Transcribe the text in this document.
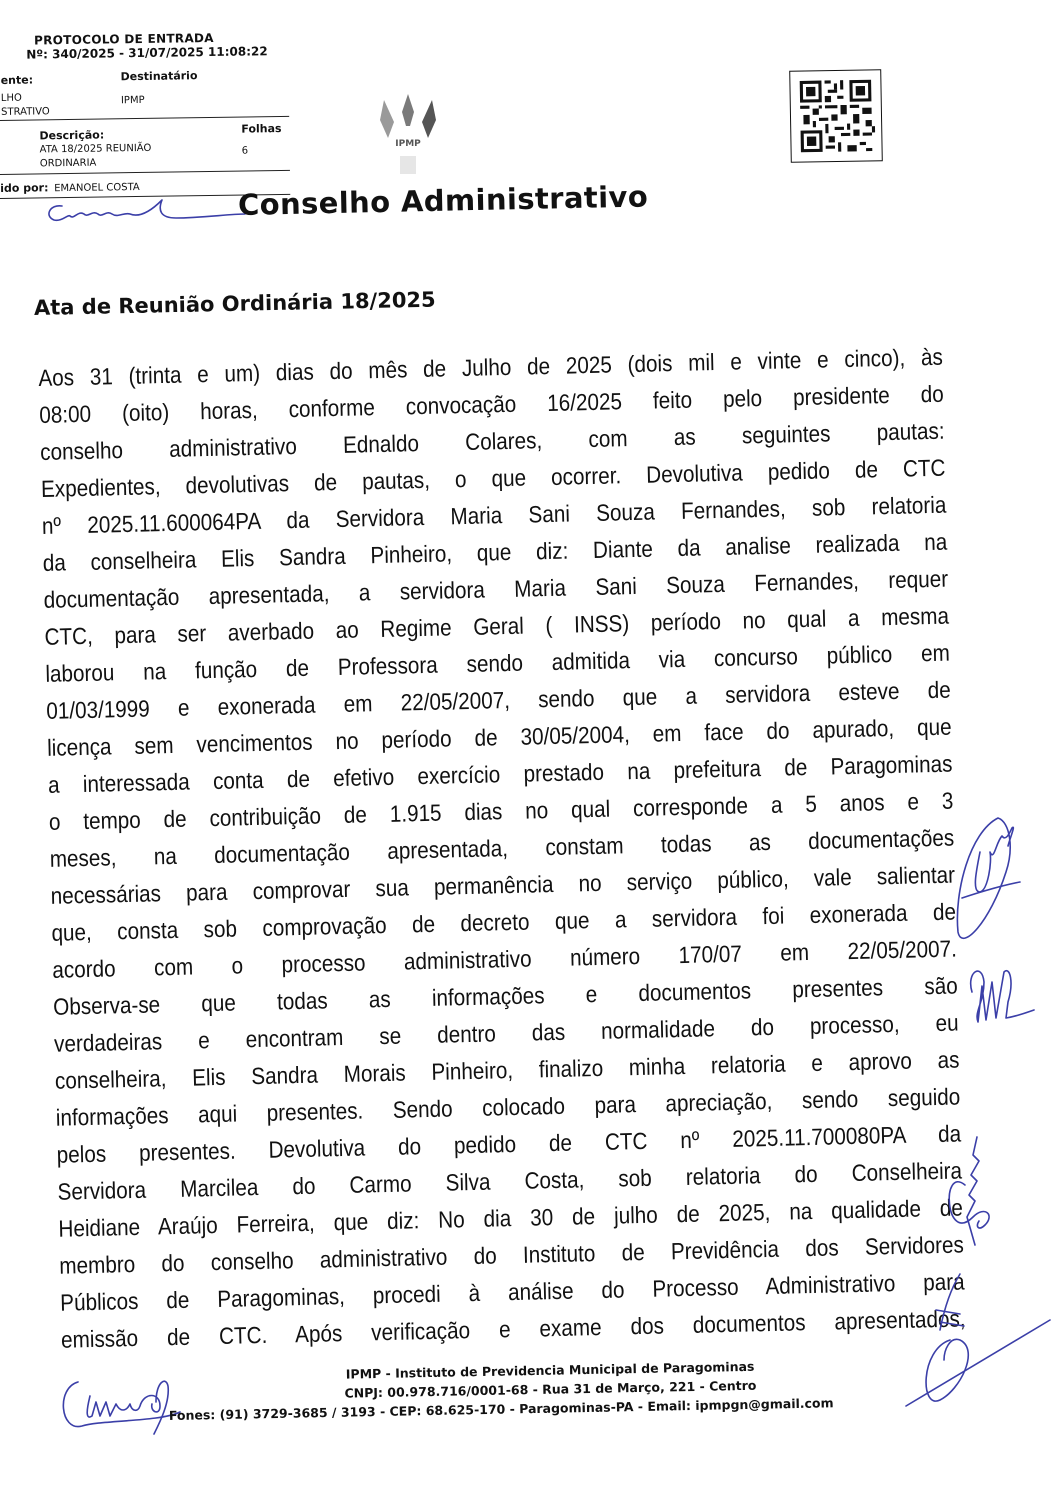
PROTOCOLO DE ENTRADA
Nº: 340/2025 - 31/07/2025 11:08:22
ente:
LHO
STRATIVO
Destinatário
IPMP
Descrição:
ATA 18/2025 REUNIÃO
ORDINARIA
Folhas
6
ido por: EMANOEL COSTA
IPMP
Conselho Administrativo
Ata de Reunião Ordinária 18/2025
Aos 31 (trinta e um) dias do mês de Julho de 2025 (dois mil e vinte e cinco), às
08:00 (oito) horas, conforme convocação 16/2025 feito pelo presidente do
conselho administrativo Ednaldo Colares, com as seguintes pautas:
Expedientes, devolutivas de pautas, o que ocorrer. Devolutiva pedido de CTC
nº 2025.11.600064PA da Servidora Maria Sani Souza Fernandes, sob relatoria
da conselheira Elis Sandra Pinheiro, que diz: Diante da analise realizada na
documentação apresentada, a servidora Maria Sani Souza Fernandes, requer
CTC, para ser averbado ao Regime Geral ( INSS) período no qual a mesma
laborou na função de Professora sendo admitida via concurso público em
01/03/1999 e exonerada em 22/05/2007, sendo que a servidora esteve de
licença sem vencimentos no período de 30/05/2004, em face do apurado, que
a interessada conta de efetivo exercício prestado na prefeitura de Paragominas
o tempo de contribuição de 1.915 dias no qual corresponde a 5 anos e 3
meses, na documentação apresentada, constam todas as documentações
necessárias para comprovar sua permanência no serviço público, vale salientar
que, consta sob comprovação de decreto que a servidora foi exonerada de
acordo com o processo administrativo número 170/07 em 22/05/2007.
Observa-se que todas as informações e documentos presentes são
verdadeiras e encontram se dentro das normalidade do processo, eu
conselheira, Elis Sandra Morais Pinheiro, finalizo minha relatoria e aprovo as
informações aqui presentes. Sendo colocado para apreciação, sendo seguido
pelos presentes. Devolutiva do pedido de CTC nº 2025.11.700080PA da
Servidora Marcilea do Carmo Silva Costa, sob relatoria do Conselheira
Heidiane Araújo Ferreira, que diz: No dia 30 de julho de 2025, na qualidade de
membro do conselho administrativo do Instituto de Previdência dos Servidores
Públicos de Paragominas, procedi à análise do Processo Administrativo para
emissão de CTC. Após verificação e exame dos documentos apresentados,
IPMP - Instituto de Previdencia Municipal de Paragominas
CNPJ: 00.978.716/0001-68 - Rua 31 de Março, 221 - Centro
Fones: (91) 3729-3685 / 3193 - CEP: 68.625-170 - Paragominas-PA - Email: ipmpgn@gmail.com
